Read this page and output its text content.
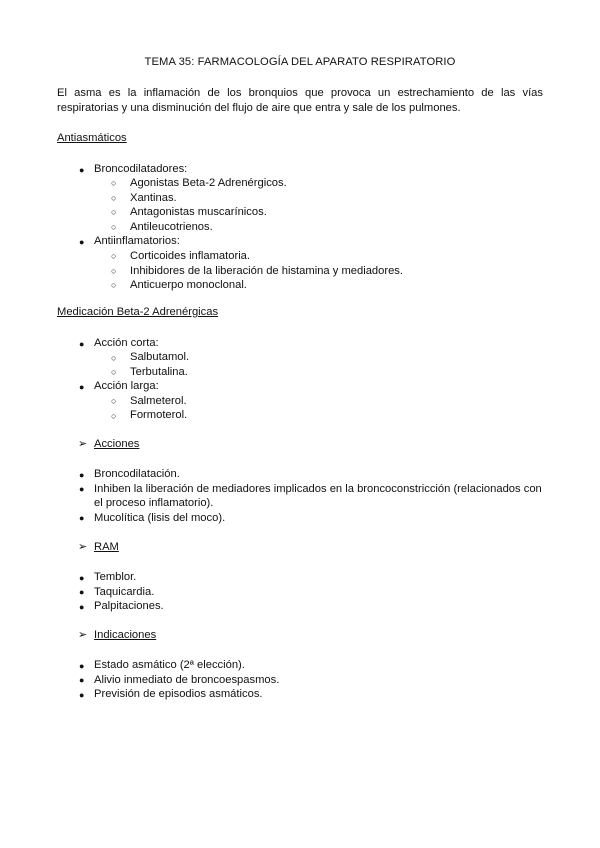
TEMA 35: FARMACOLOGÍA DEL APARATO RESPIRATORIO
El asma es la inflamación de los bronquios que provoca un estrechamiento de las vías respiratorias y una disminución del flujo de aire que entra y sale de los pulmones.
Antiasmáticos
● Broncodilatadores:
○ Agonistas Beta-2 Adrenérgicos.
○ Xantinas.
○ Antagonistas muscarínicos.
○ Antileucotrienos.
● Antiinflamatorios:
○ Corticoides inflamatoria.
○ Inhibidores de la liberación de histamina y mediadores.
○ Anticuerpo monoclonal.
Medicación Beta-2 Adrenérgicas
● Acción corta:
○ Salbutamol.
○ Terbutalina.
● Acción larga:
○ Salmeterol.
○ Formoterol.
➢ Acciones
● Broncodilatación.
● Inhiben la liberación de mediadores implicados en la broncoconstricción (relacionados con
el proceso inflamatorio).
● Mucolítica (lisis del moco).
➢ RAM
● Temblor.
● Taquicardia.
● Palpitaciones.
➢ Indicaciones
● Estado asmático (2ª elección).
● Alivio inmediato de broncoespasmos.
● Previsión de episodios asmáticos.
